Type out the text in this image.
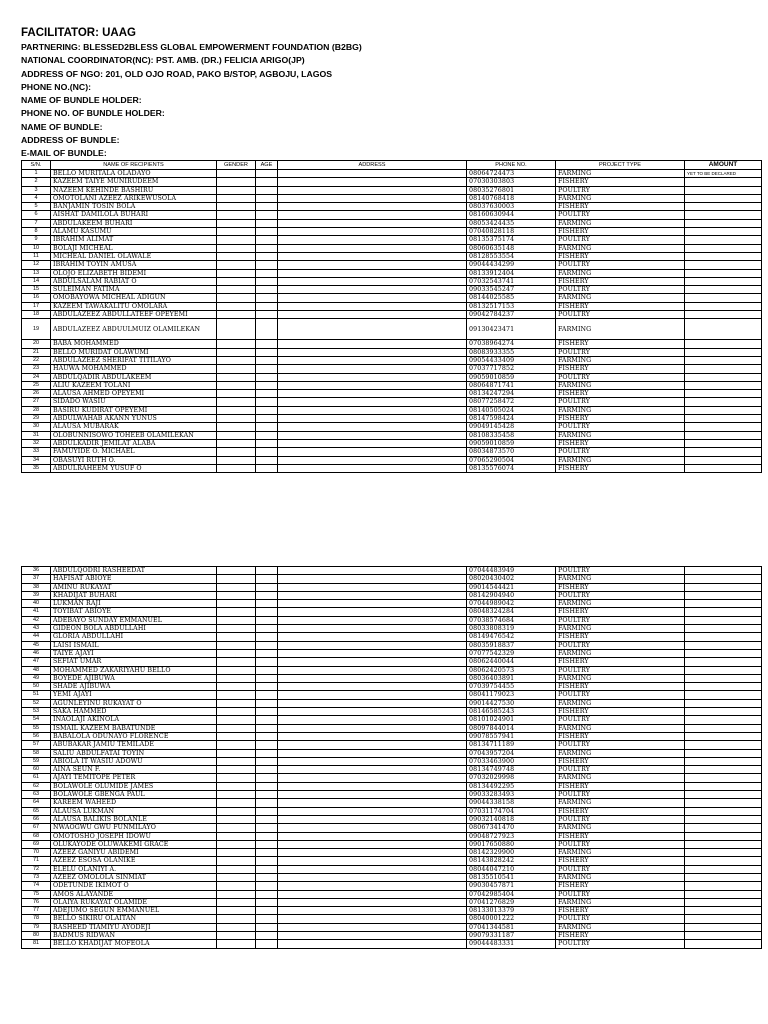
FACILITATOR: UAAG
PARTNERING: BLESSED2BLESS GLOBAL EMPOWERMENT FOUNDATION (B2BG)
NATIONAL COORDINATOR(NC): PST. AMB. (DR.) FELICIA ARIGO(JP)
ADDRESS OF NGO: 201, OLD OJO ROAD, PAKO B/STOP, AGBOJU, LAGOS
PHONE NO.(NC):
NAME OF BUNDLE HOLDER:
PHONE NO. OF BUNDLE HOLDER:
NAME OF BUNDLE:
ADDRESS OF BUNDLE:
E-MAIL OF BUNDLE:
S/N.	NAME OF RECIPIENTS	GENDER	AGE	ADDRESS	PHONE NO.	PROJECT TYPE	AMOUNT
1	BELLO MURITALA OLADAYO				08064724473	FARMING	YET TO BE DECLARED
2	KAZEEM TAIYE MUNIRUDEEM				07030303803	FISHERY	
3	NAZEEM KEHINDE BASHIRU				08035276801	POULTRY	
4	OMOTOLANI AZEEZ ARIKEWUSOLA				08140768418	FARMING	
5	BANJAMIN TOSIN BOLA				08037630003	FISHERY	
6	AISHAT DAMILOLA BUHARI				08160630944	POULTRY	
7	ABDULAKEEM BUHARI				08053424435	FARMING	
8	ALAMU KASUMU				07040828118	FISHERY	
9	IBRAHIM ALIMAT				08135375174	POULTRY	
10	BOLAJI MICHEAL				08060635148	FARMING	
11	MICHEAL DANIEL OLAWALE				08128553554	FISHERY	
12	IBRAHIM TOYIN AMUSA				09044434299	POULTRY	
13	OLOJO ELIZABETH BIDEMI				08133912404	FARMING	
14	ABDULSALAM RABIAT O				07032543741	FISHERY	
15	SULEIMAN FATIMA				09033545247	POULTRY	
16	OMOBAYOWA MICHEAL ADIGUN				08144025585	FARMING	
17	KAZEEM TAWAKALITU OMOLARA				08132517153	FISHERY	
18	ABDULAZEEZ ABDULLATEEF OPEYEMI				09042784237	POULTRY	
19	ABDULAZEEZ ABDUULMUIZ OLAMILEKAN				09130423471	FARMING	
20	BABA MOHAMMED				07038964274	FISHERY	
21	BELLO MURIDAT OLAWUMI				08083933355	POULTRY	
22	ABDULAZEEZ SHERIFAT TITILAYO				09054433409	FARMING	
23	HAUWA MOHAMMED				07037717852	FISHERY	
24	ABDULQADIR ABDULAKEEM				09059010859	POULTRY	
25	ALIU KAZEEM TOLANI				08064871741	FARMING	
26	ALAUSA AHMED OPEYEMI				08134247294	FISHERY	
27	SIDADO WASIU				08077258472	POULTRY	
28	BASIRU KUDIRAT OPEYEMI				08140505024	FARMING	
29	ABDULWAHAB AKANN YUNUS				08147598424	FISHERY	
30	ALAUSA MUBARAK				09049145428	POULTRY	
31	OLOBUNNISOWO TOHEEB OLAMILEKAN				08108335458	FARMING	
32	ABDULKADIR JEMILAT ALABA				09059010859	FISHERY	
33	FAMUYIDE O. MICHAEL				08034873570	POULTRY	
34	OBASUYI RUTH O.				07065290504	FARMING	
35	ABDULRAHEEM YUSUF O				08135576074	FISHERY	
36	ABDULQODRI RASHEEDAT				07044483949	POULTRY	
37	HAFISAT ABIOYE				08020430402	FARMING	
38	AMINU RUKAYAT				09014544421	FISHERY	
39	KHADIJAT BUHARI				08142904940	POULTRY	
40	LUKMAN RAJI				07044989042	FARMING	
41	TOYIBAT ABIOYE				08048324284	FISHERY	
42	ADEBAYO SUNDAY EMMANUEL				07038574684	POULTRY	
43	GIDEON BOLA ABDULLAHI				08033808319	FARMING	
44	GLORIA ABDULLAHI				08149476542	FISHERY	
45	LAISI ISMAIL				08035918837	POULTRY	
46	TAIYE AJAYI				07077542329	FARMING	
47	SEFIAT UMAR				08062440044	FISHERY	
48	MOHAMMED ZAKARIYAHU BELLO				08062420573	POULTRY	
49	BOYEDE AJIBUWA				08036403891	FARMING	
50	SHADE AJIBUWA				07039754455	FISHERY	
51	YEMI AJAYI				08041179023	POULTRY	
52	AGUNLEYINU RUKAYAT O				09014427530	FARMING	
53	SAKA HAMMED				08146585243	FISHERY	
54	INAOLAJI AKINOLA				08101024901	POULTRY	
55	ISMAIL KAZEEM BABATUNDE				08097844014	FARMING	
56	BABALOLA ODUNAYO FLORENCE				09078557941	FISHERY	
57	ABUBAKAR JAMIU TEMILADE				08134711189	POULTRY	
58	SALIU ABDULFATAI TOYIN				07043957204	FARMING	
59	ABIOLA IT WASIU ADOWU				07033463900	FISHERY	
60	AINA SEUN F.				08134749748	POULTRY	
61	AJAYI TEMITOPE PETER				07032029998	FARMING	
62	BOLAWOLE OLUMIDE JAMES				08134492295	FISHERY	
63	BOLAWOLE GBENGA PAUL				09033283493	POULTRY	
64	KAREEM WAHEED				09044338158	FARMING	
65	ALAUSA LUKMAN				07031174704	FISHERY	
66	ALAUSA BALIKIS BOLANLE				09032140818	POULTRY	
67	NWAOGWU GWU FUNMILAYO				08067341470	FARMING	
68	OMOTOSHO JOSEPH IDOWU				09048727923	FISHERY	
69	OLUKAYODE OLUWAKEMI GRACE				09017650880	POULTRY	
70	AZEEZ GANIYU ABIDEMI				08142329900	FARMING	
71	AZEEZ ESOSA OLANIKE				08143828242	FISHERY	
72	ELELU OLANIYI A.				08044047210	POULTRY	
73	AZEEZ OMOLOLA SINMIAT				08135510541	FARMING	
74	ODETUNDE IKIMOT O				09030457871	FISHERY	
75	AMOS ALAYANDE				07042985404	POULTRY	
76	OLAIYA RUKAYAT OLAMIDE				07041276829	FARMING	
77	ADEJUMO SEGUN EMMANUEL				08133013379	FISHERY	
78	BELLO SIKIRU OLAITAN				08040001222	POULTRY	
79	RASHEED TIAMIYU AYODEJI				07041344581	FARMING	
80	BADMUS RIDWAN				09079331187	FISHERY	
81	BELLO KHADIJAT MOFEOLA				09044483331	POULTRY	
